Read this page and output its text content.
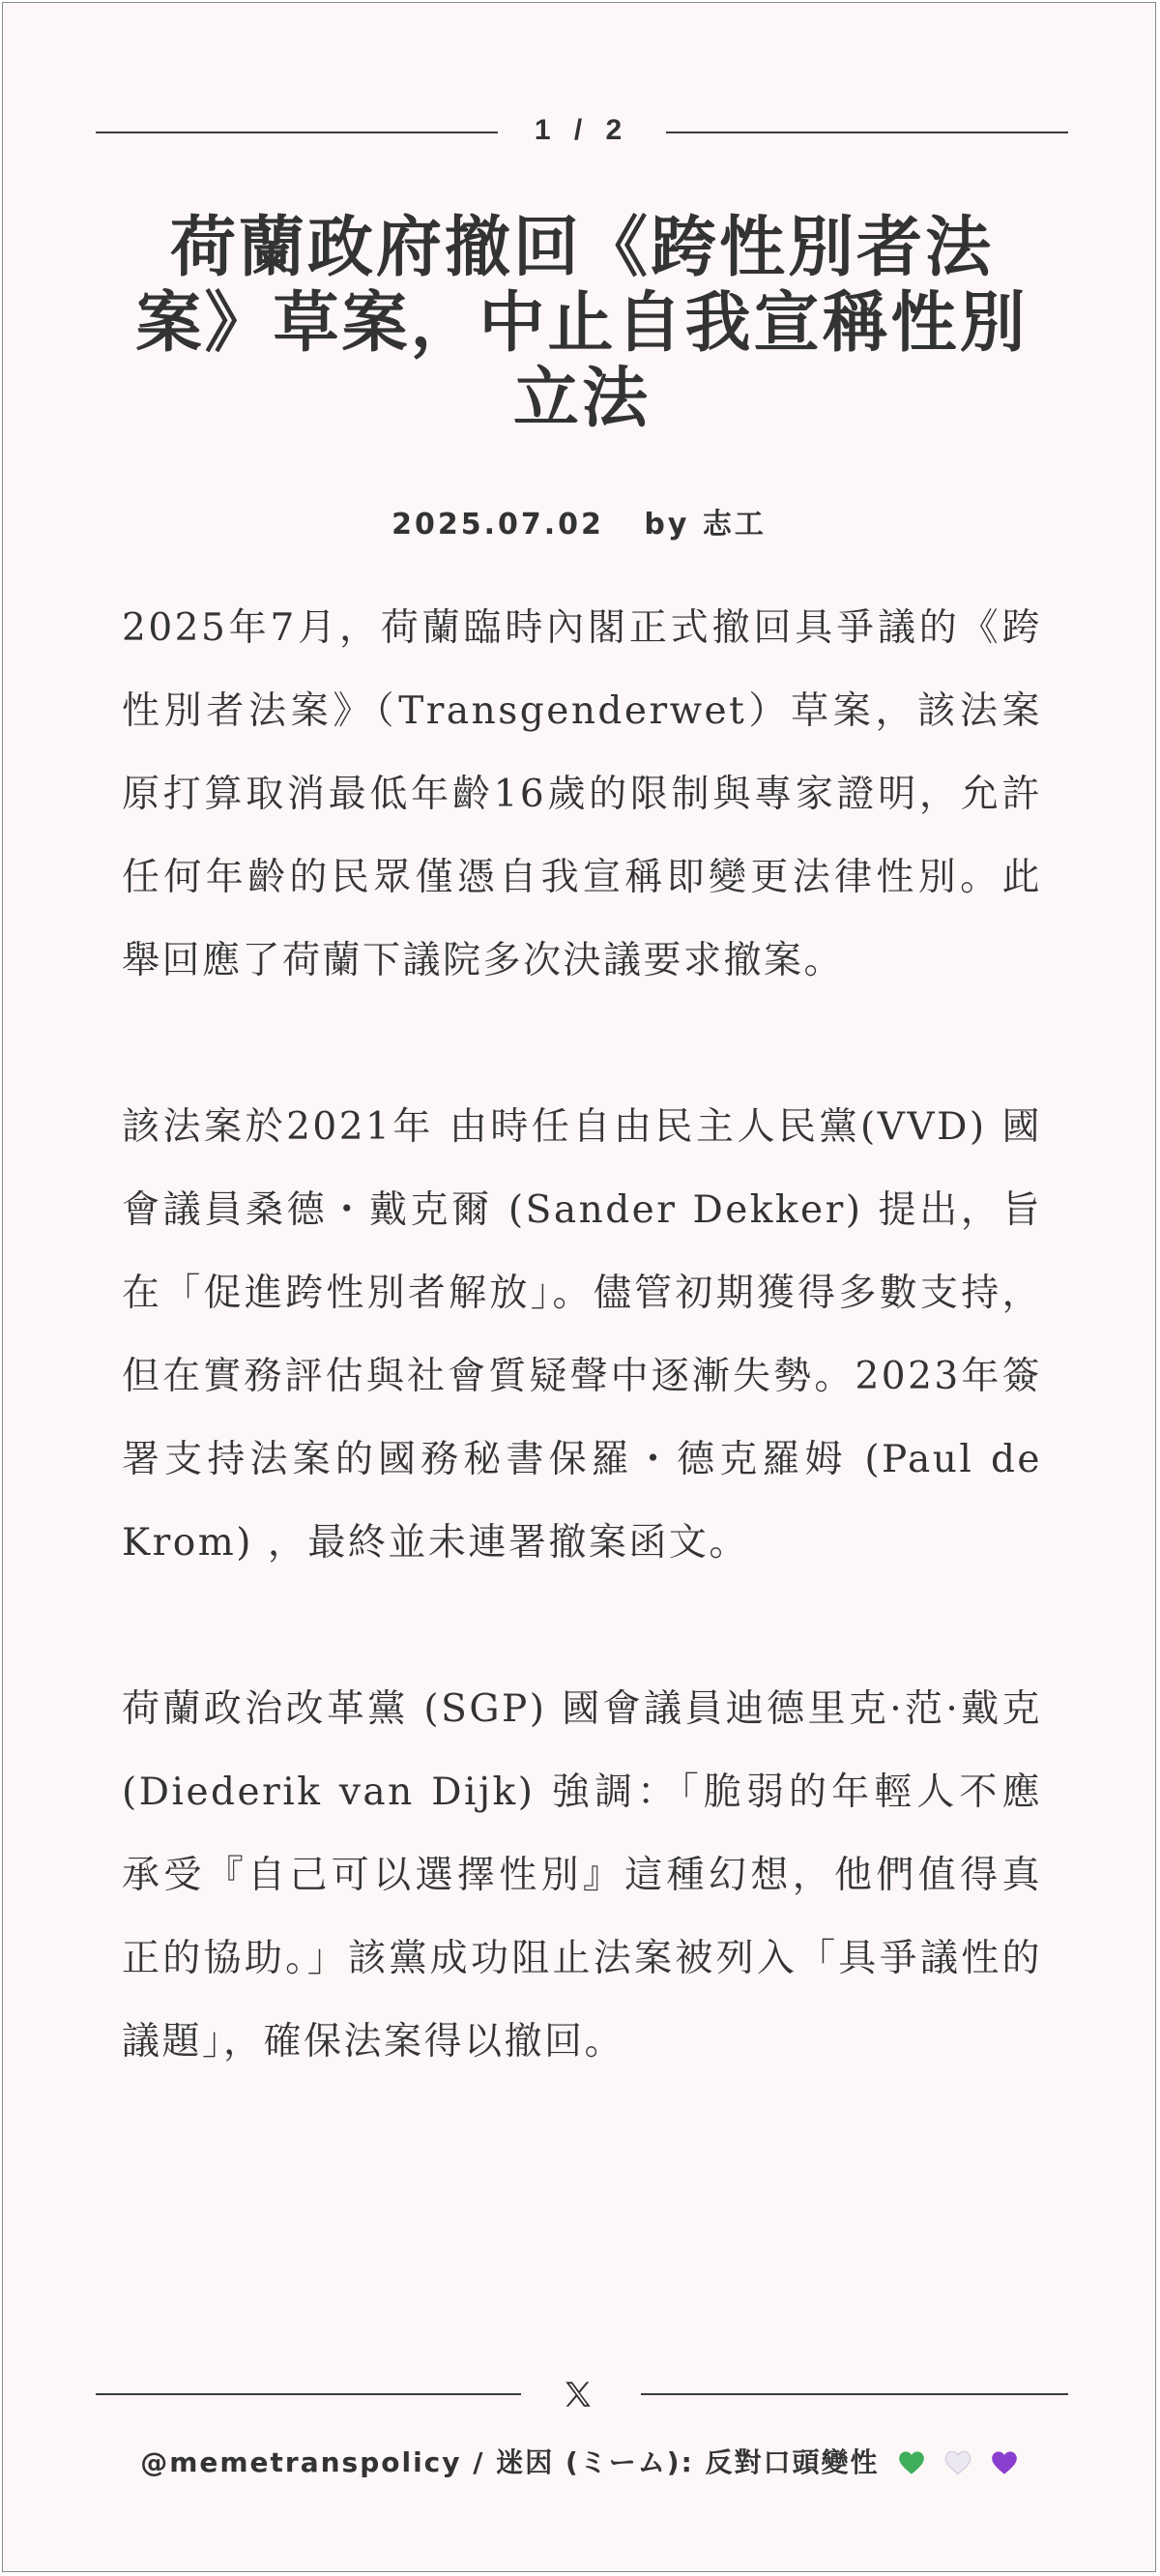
1 / 2
荷蘭政府撤回《跨性別者法
案》草案，中止自我宣稱性別
立法
2025.07.02 by 志工

2025年7月，荷蘭臨時內閣正式撤回具爭議的《跨性別者法案》（Transgenderwet）草案，該法案原打算取消最低年齡16歲的限制與專家證明，允許任何年齡的民眾僅憑自我宣稱即變更法律性別。此舉回應了荷蘭下議院多次決議要求撤案。

該法案於2021年 由時任自由民主人民黨(VVD) 國會議員桑德・戴克爾 (Sander Dekker) 提出，旨在「促進跨性別者解放」。儘管初期獲得多數支持，但在實務評估與社會質疑聲中逐漸失勢。2023年簽署支持法案的國務秘書保羅・德克羅姆 (Paul de Krom) ，最終並未連署撤案函文。

荷蘭政治改革黨 (SGP) 國會議員迪德里克·范·戴克 (Diederik van Dijk) 強調：「脆弱的年輕人不應承受『自己可以選擇性別』這種幻想，他們值得真正的協助。」該黨成功阻止法案被列入「具爭議性的議題」，確保法案得以撤回。

@memetranspolicy / 迷因 (ミーム): 反對口頭變性
